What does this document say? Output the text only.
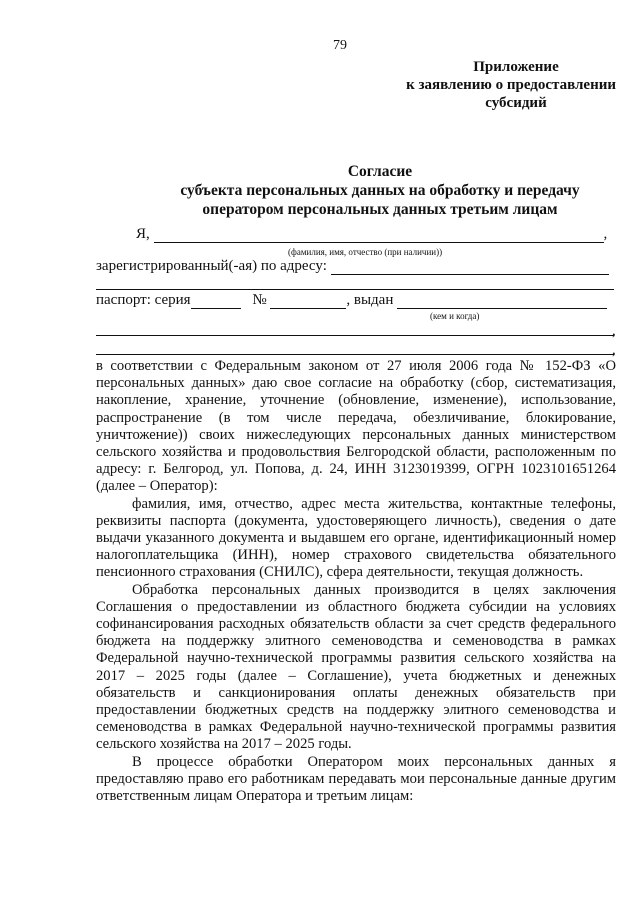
79
Приложение
к заявлению о предоставлении
субсидий
Согласие
субъекта персональных данных на обработку и передачу
оператором персональных данных третьим лицам
Я,	,
(фамилия, имя, отчество (при наличии))
зарегистрированный(-ая) по адресу:
паспорт: серия	№	, выдан
(кем и когда)
,
,

в соответствии с Федеральным законом от 27 июля 2006 года № 152-ФЗ «О персональных данных» даю свое согласие на обработку (сбор, систематизация, накопление, хранение, уточнение (обновление, изменение), использование, распространение (в том числе передача, обезличивание, блокирование, уничтожение)) своих нижеследующих персональных данных министерством сельского хозяйства и продовольствия Белгородской области, расположенным по адресу: г. Белгород, ул. Попова, д. 24, ИНН 3123019399, ОГРН 1023101651264 (далее – Оператор):

фамилия, имя, отчество, адрес места жительства, контактные телефоны, реквизиты паспорта (документа, удостоверяющего личность), сведения о дате выдачи указанного документа и выдавшем его органе, идентификационный номер налогоплательщика (ИНН), номер страхового свидетельства обязательного пенсионного страхования (СНИЛС), сфера деятельности, текущая должность.

Обработка персональных данных производится в целях заключения Соглашения о предоставлении из областного бюджета субсидии на условиях софинансирования расходных обязательств области за счет средств федерального бюджета на поддержку элитного семеноводства и семеноводства в рамках Федеральной научно-технической программы развития сельского хозяйства на 2017 – 2025 годы (далее – Соглашение), учета бюджетных и денежных обязательств и санкционирования оплаты денежных обязательств при предоставлении бюджетных средств на поддержку элитного семеноводства и семеноводства в рамках Федеральной научно-технической программы развития сельского хозяйства на 2017 – 2025 годы.

В процессе обработки Оператором моих персональных данных я предоставляю право его работникам передавать мои персональные данные другим ответственным лицам Оператора и третьим лицам:
